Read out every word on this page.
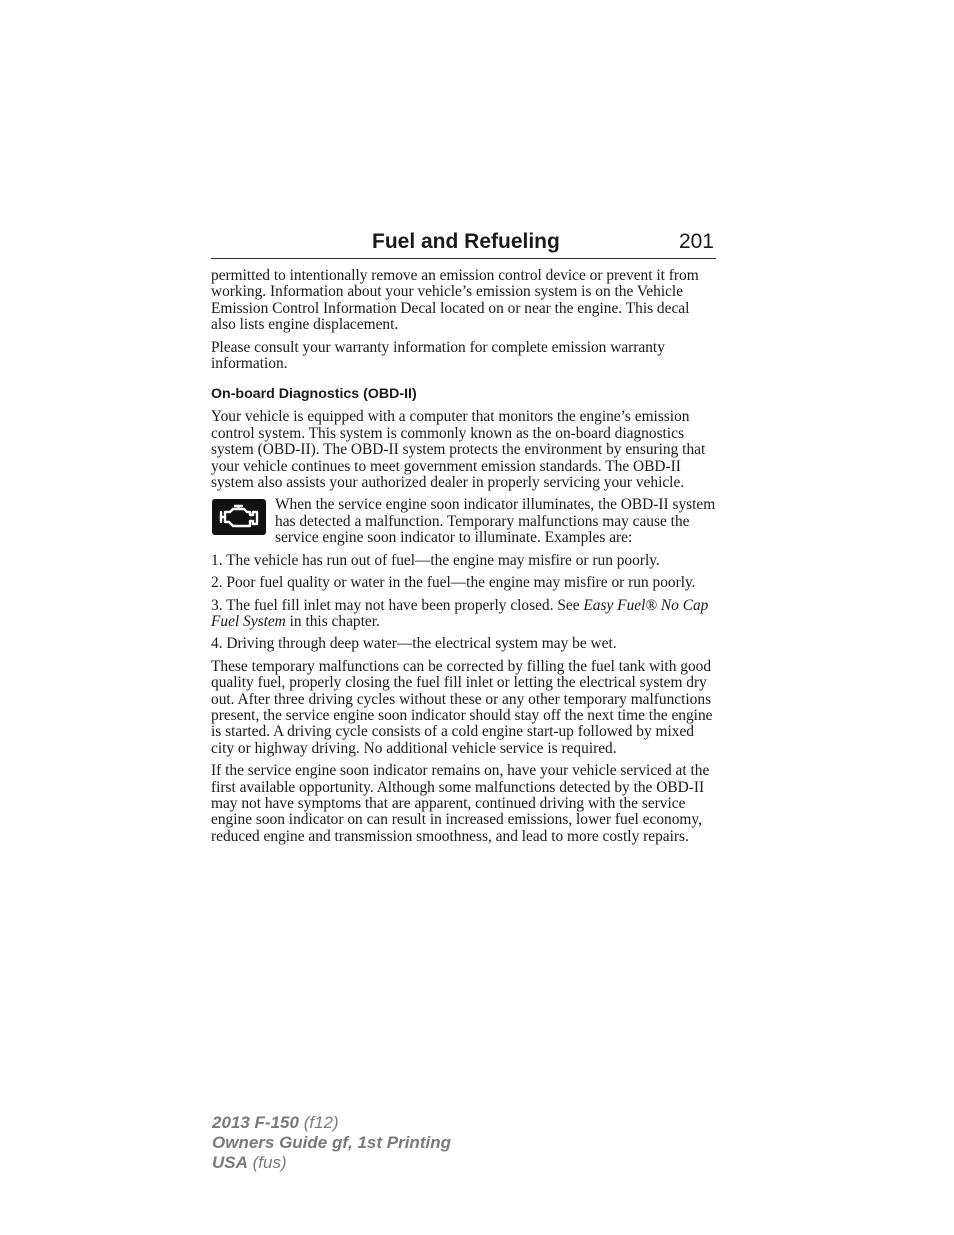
Fuel and Refueling	201

permitted to intentionally remove an emission control device or prevent it from working. Information about your vehicle’s emission system is on the Vehicle Emission Control Information Decal located on or near the engine. This decal also lists engine displacement.

Please consult your warranty information for complete emission warranty information.

On-board Diagnostics (OBD-II)

Your vehicle is equipped with a computer that monitors the engine’s emission control system. This system is commonly known as the on-board diagnostics system (OBD-II). The OBD-II system protects the environment by ensuring that your vehicle continues to meet government emission standards. The OBD-II system also assists your authorized dealer in properly servicing your vehicle.

When the service engine soon indicator illuminates, the OBD-II system has detected a malfunction. Temporary malfunctions may cause the service engine soon indicator to illuminate. Examples are:

1. The vehicle has run out of fuel—the engine may misfire or run poorly.

2. Poor fuel quality or water in the fuel—the engine may misfire or run poorly.

3. The fuel fill inlet may not have been properly closed. See Easy Fuel® No Cap Fuel System in this chapter.

4. Driving through deep water—the electrical system may be wet.

These temporary malfunctions can be corrected by filling the fuel tank with good quality fuel, properly closing the fuel fill inlet or letting the electrical system dry out. After three driving cycles without these or any other temporary malfunctions present, the service engine soon indicator should stay off the next time the engine is started. A driving cycle consists of a cold engine start-up followed by mixed city or highway driving. No additional vehicle service is required.

If the service engine soon indicator remains on, have your vehicle serviced at the first available opportunity. Although some malfunctions detected by the OBD-II may not have symptoms that are apparent, continued driving with the service engine soon indicator on can result in increased emissions, lower fuel economy, reduced engine and transmission smoothness, and lead to more costly repairs.

2013 F-150 (f12)
Owners Guide gf, 1st Printing
USA (fus)
